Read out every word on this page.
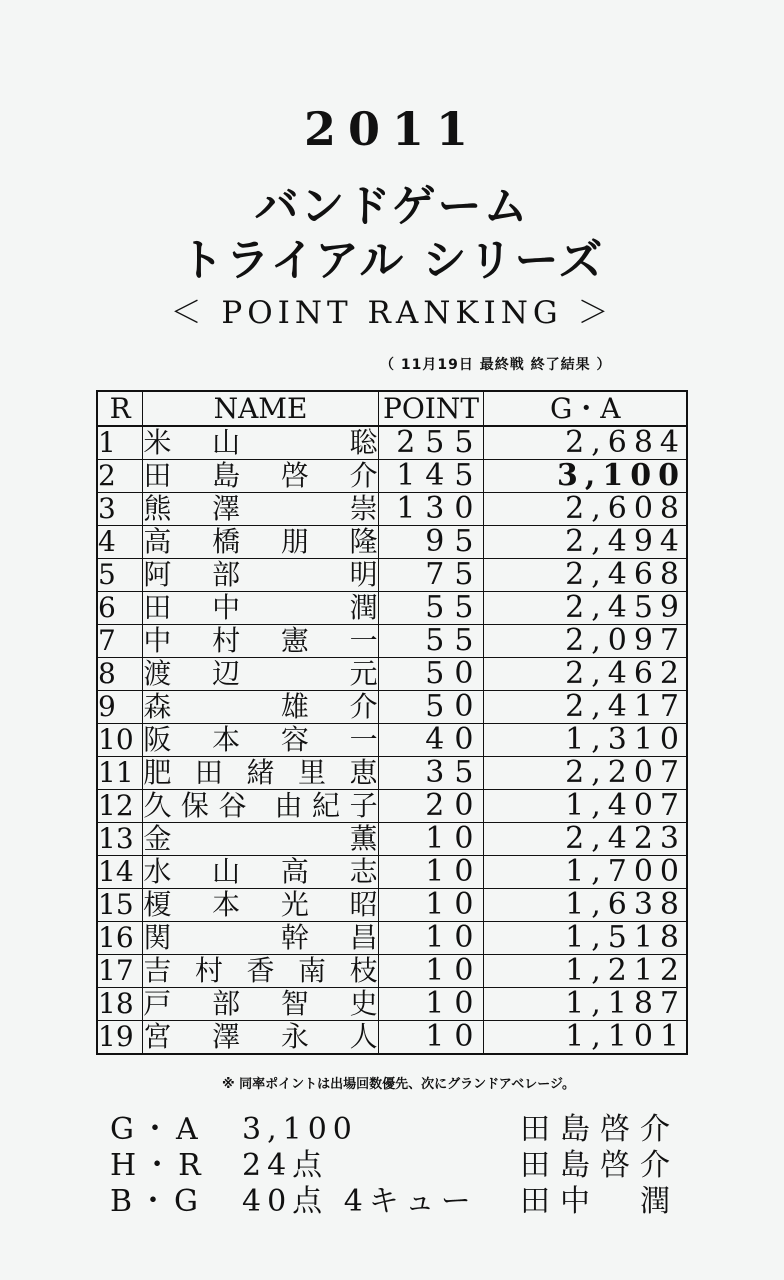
2011
バンドゲーム
トライアル シリーズ
＜ POINT RANKING ＞
（ 11月19日 最終戦 終了結果 ）
R	NAME	POINT	G・A
1	米山　聡	255	2,684
2	田島啓介	145	3,100
3	熊澤　崇	130	2,608
4	高橋朋隆	95	2,494
5	阿部　明	75	2,468
6	田中　潤	55	2,459
7	中村憲一	55	2,097
8	渡辺　元	50	2,462
9	森　雄介	50	2,417
10	阪本容一	40	1,310
11	肥田緒里恵	35	2,207
12	久保谷 由紀子	20	1,407
13	金　薫	10	2,423
14	水山高志	10	1,700
15	榎本光昭	10	1,638
16	関　幹昌	10	1,518
17	吉村香南枝	10	1,212
18	戸部智史	10	1,187
19	宮澤永人	10	1,101
※ 同率ポイントは出場回数優先、次にグランドアベレージ。
G・A 3,100	田島啓介
H・R 24点	田島啓介
B・G 40点 4キュー 田中　潤
